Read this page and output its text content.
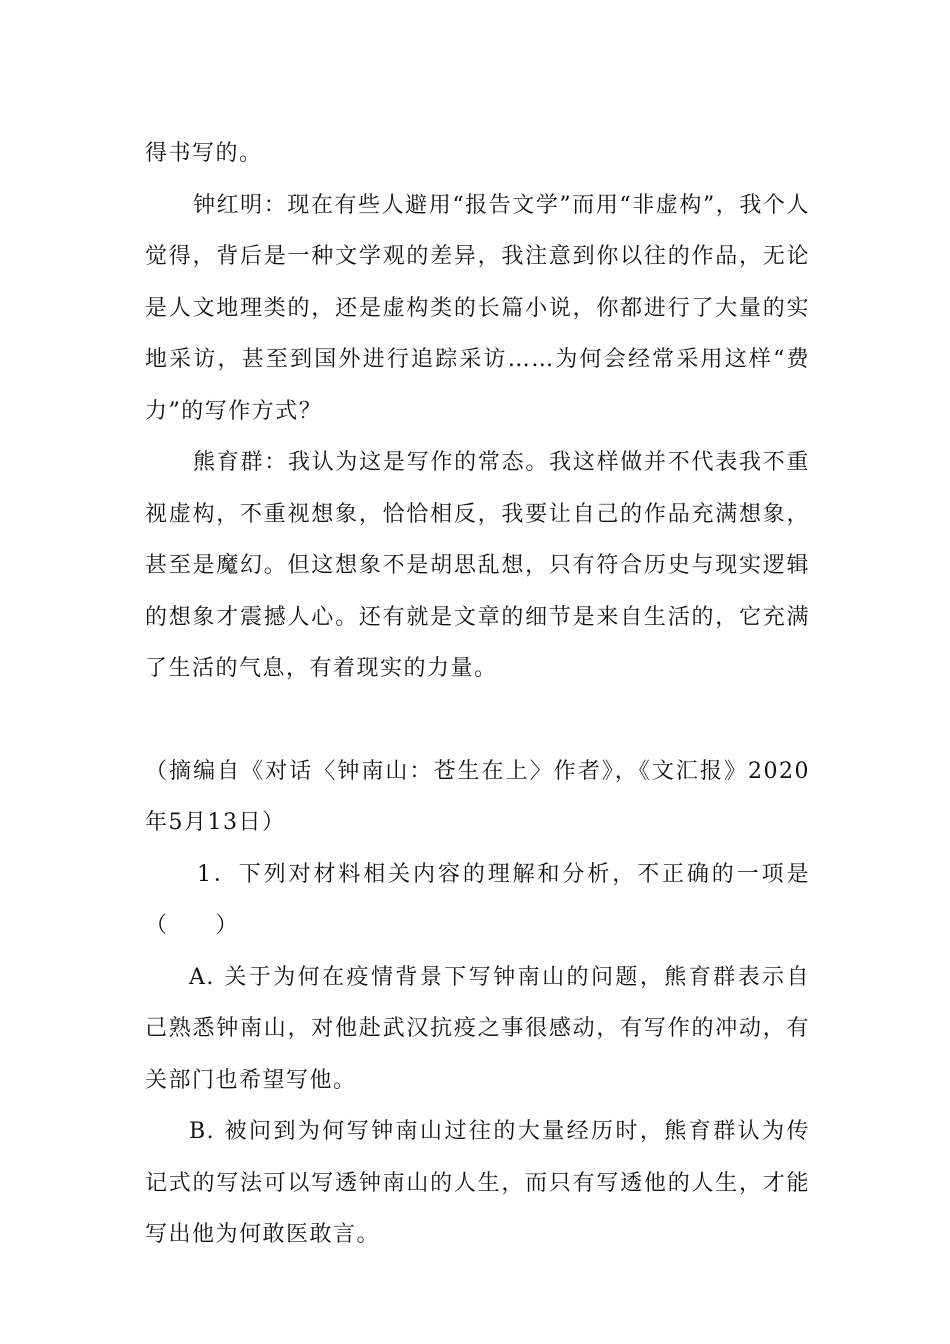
得书写的。

钟红明：现在有些人避用“报告文学”而用“非虚构”，我个人觉得，背后是一种文学观的差异，我注意到你以往的作品，无论是人文地理类的，还是虚构类的长篇小说，你都进行了大量的实地采访，甚至到国外进行追踪采访……为何会经常采用这样“费力”的写作方式？

熊育群：我认为这是写作的常态。我这样做并不代表我不重视虚构，不重视想象，恰恰相反，我要让自己的作品充满想象，甚至是魔幻。但这想象不是胡思乱想，只有符合历史与现实逻辑的想象才震撼人心。还有就是文章的细节是来自生活的，它充满了生活的气息，有着现实的力量。

（摘编自《对话〈钟南山：苍生在上〉作者》，《文汇报》2020年5月13日）

1．下列对材料相关内容的理解和分析，不正确的一项是（　　）

A. 关于为何在疫情背景下写钟南山的问题，熊育群表示自己熟悉钟南山，对他赴武汉抗疫之事很感动，有写作的冲动，有关部门也希望写他。

B. 被问到为何写钟南山过往的大量经历时，熊育群认为传记式的写法可以写透钟南山的人生，而只有写透他的人生，才能写出他为何敢医敢言。
